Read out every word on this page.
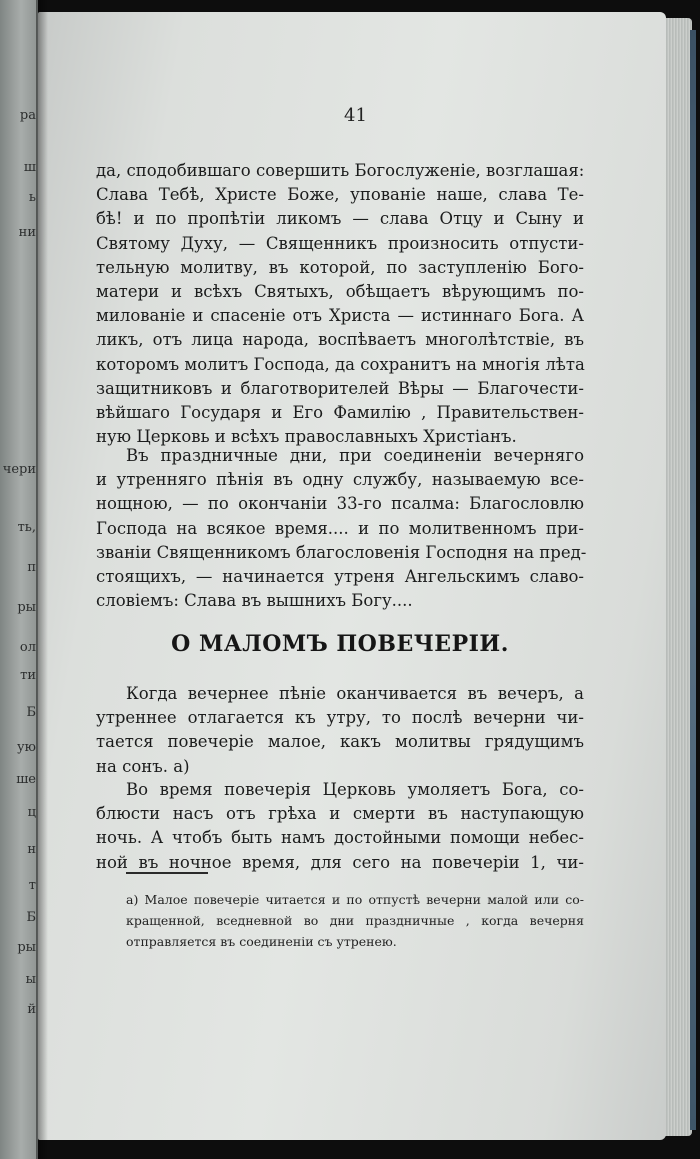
ра
ш
ь
ни
чери
ть,
п
ры
ол
ти
Б
ую
ше
ц
н
т
Б
ры
ы
й
41
да, сподобившаго совершить Богослуженіе, возглашая:
Слава Тебѣ, Христе Боже, упованіе наше, слава Те-
бѣ! и по пропѣтіи ликомъ — слава Отцу и Сыну и
Святому Духу, — Священникъ произносить отпусти-
тельную молитву, въ которой, по заступленію Богo-
матери и всѣхъ Святыхъ, обѣщаетъ вѣрующимъ по-
милованіе и спасеніе отъ Христа — истиннаго Бога. А
ликъ, отъ лица народа, воспѣваетъ многолѣтствіе, въ
которомъ молитъ Господа, да сохранитъ на многія лѣта
защитниковъ и благотворителей Вѣры — Благочести-
вѣйшаго Государя и Его Фамилію , Правительствен-
ную Церковь и всѣхъ православныхъ Христіанъ.
Въ праздничные дни, при соединеніи вечерняго
и утренняго пѣнія въ одну службу, называемую все-
нощною, — по окончаніи 33-го псалма: Благословлю
Господа на всякое время.... и по молитвенномъ при-
званіи Священникомъ благословенія Господня на пред-
стоящихъ, — начинается утреня Ангельскимъ славо-
словіемъ: Слава въ вышнихъ Богу....
О МАЛОМЪ ПОВЕЧЕРІИ.
Когда вечернее пѣніе оканчивается въ вечеръ, а
утреннее отлагается къ утру, то послѣ вечерни чи-
тается повечеріе малое, какъ молитвы грядущимъ
на сонъ. а)
Во время повечерія Церковь умоляетъ Бога, со-
блюсти насъ отъ грѣха и смерти въ наступающую
ночь. А чтобъ быть намъ достойными помощи небес-
ной въ ночное время, для сего на повечеріи 1, чи-
а) Малое повечеріе читается и по отпустѣ вечерни малой или со-
кращенной, вседневной во дни праздничные , когда вечерня
отправляется въ соединеніи съ утренею.
